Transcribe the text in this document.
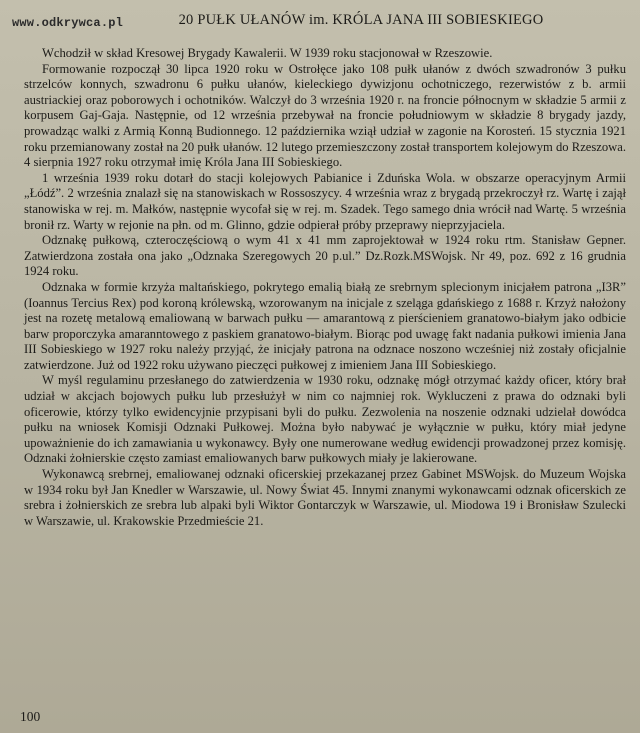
www.odkrywca.pl	20 PUŁK UŁANÓW im. KRÓLA JANA III SOBIESKIEGO

Wchodził w skład Kresowej Brygady Kawalerii. W 1939 roku stacjonował w Rzeszowie.

Formowanie rozpoczął 30 lipca 1920 roku w Ostrołęce jako 108 pułk ułanów z dwóch szwadronów 3 pułku strzelców konnych, szwadronu 6 pułku ułanów, kieleckiego dywizjonu ochotniczego, rezerwistów z b. armii austriackiej oraz poborowych i ochotników. Walczył do 3 września 1920 r. na froncie północnym w składzie 5 armii z korpusem Gaj-Gaja. Następnie, od 12 września przebywał na froncie południowym w składzie 8 brygady jazdy, prowadząc walki z Armią Konną Budionnego. 12 października wziął udział w zagonie na Korosteń. 15 stycznia 1921 roku przemianowany został na 20 pułk ułanów. 12 lutego przemieszczony został transportem kolejowym do Rzeszowa. 4 sierpnia 1927 roku otrzymał imię Króla Jana III Sobieskiego.

1 września 1939 roku dotarł do stacji kolejowych Pabianice i Zduńska Wola. w obszarze operacyjnym Armii „Łódź”. 2 września znalazł się na stanowiskach w Rossoszycy. 4 września wraz z brygadą przekroczył rz. Wartę i zajął stanowiska w rej. m. Małków, następnie wycofał się w rej. m. Szadek. Tego samego dnia wrócił nad Wartę. 5 września bronił rz. Warty w rejonie na płn. od m. Glinno, gdzie odpierał próby przeprawy nieprzyjaciela.

Odznakę pułkową, czteroczęściową o wym 41 x 41 mm zaprojektował w 1924 roku rtm. Stanisław Gepner. Zatwierdzona została ona jako „Odznaka Szeregowych 20 p.ul.” Dz.Rozk.MSWojsk. Nr 49, poz. 692 z 16 grudnia 1924 roku.

Odznaka w formie krzyża maltańskiego, pokrytego emalią białą ze srebrnym splecionym inicjałem patrona „I3R” (Ioannus Tercius Rex) pod koroną królewską, wzorowanym na inicjale z szeląga gdańskiego z 1688 r. Krzyż nałożony jest na rozetę metalową emaliowaną w barwach pułku — amarantową z pierścieniem granatowo-białym jako odbicie barw proporczyka amaranntowego z paskiem granatowo-białym. Biorąc pod uwagę fakt nadania pułkowi imienia Jana III Sobieskiego w 1927 roku należy przyjąć, że inicjały patrona na odznace noszono wcześniej niż zostały oficjalnie zatwierdzone. Już od 1922 roku używano pieczęci pułkowej z imieniem Jana III Sobieskiego.

W myśl regulaminu przesłanego do zatwierdzenia w 1930 roku, odznakę mógł otrzymać każdy oficer, który brał udział w akcjach bojowych pułku lub przesłużył w nim co najmniej rok. Wykluczeni z prawa do odznaki byli oficerowie, którzy tylko ewidencyjnie przypisani byli do pułku. Zezwolenia na noszenie odznaki udzielał dowódca pułku na wniosek Komisji Odznaki Pułkowej. Można było nabywać je wyłącznie w pułku, który miał jedyne upoważnienie do ich zamawiania u wykonawcy. Były one numerowane według ewidencji prowadzonej przez komisję. Odznaki żołnierskie często zamiast emaliowanych barw pułkowych miały je lakierowane.

Wykonawcą srebrnej, emaliowanej odznaki oficerskiej przekazanej przez Gabinet MSWojsk. do Muzeum Wojska w 1934 roku był Jan Knedler w Warszawie, ul. Nowy Świat 45. Innymi znanymi wykonawcami odznak oficerskich ze srebra i żołnierskich ze srebra lub alpaki byli Wiktor Gontarczyk w Warszawie, ul. Miodowa 19 i Bronisław Szulecki w Warszawie, ul. Krakowskie Przedmieście 21.

100
